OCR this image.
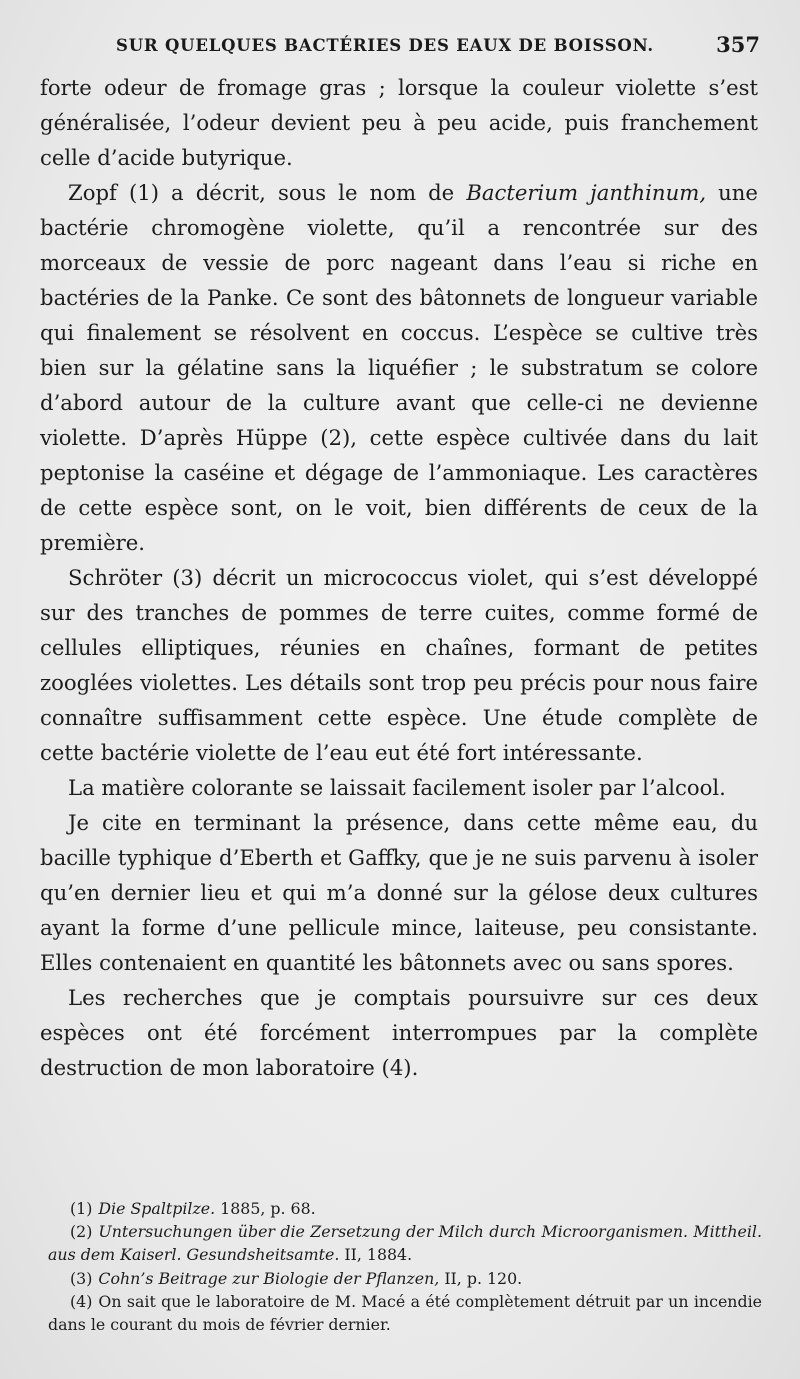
SUR QUELQUES BACTÉRIES DES EAUX DE BOISSON.	357

forte odeur de fromage gras ; lorsque la couleur violette s’est généralisée, l’odeur devient peu à peu acide, puis franchement celle d’acide butyrique.

Zopf (1) a décrit, sous le nom de Bacterium janthinum, une bactérie chromogène violette, qu’il a rencontrée sur des morceaux de vessie de porc nageant dans l’eau si riche en bactéries de la Panke. Ce sont des bâtonnets de longueur variable qui finalement se résolvent en coccus. L’espèce se cultive très bien sur la gélatine sans la liquéfier ; le substratum se colore d’abord autour de la culture avant que celle-ci ne devienne violette. D’après Hüppe (2), cette espèce cultivée dans du lait peptonise la caséine et dégage de l’ammoniaque. Les caractères de cette espèce sont, on le voit, bien différents de ceux de la première.

Schröter (3) décrit un micrococcus violet, qui s’est développé sur des tranches de pommes de terre cuites, comme formé de cellules elliptiques, réunies en chaînes, formant de petites zooglées violettes. Les détails sont trop peu précis pour nous faire connaître suffisamment cette espèce. Une étude complète de cette bactérie violette de l’eau eut été fort intéressante.

La matière colorante se laissait facilement isoler par l’alcool.

Je cite en terminant la présence, dans cette même eau, du bacille typhique d’Eberth et Gaffky, que je ne suis parvenu à isoler qu’en dernier lieu et qui m’a donné sur la gélose deux cultures ayant la forme d’une pellicule mince, laiteuse, peu consistante. Elles contenaient en quantité les bâtonnets avec ou sans spores.

Les recherches que je comptais poursuivre sur ces deux espèces ont été forcément interrompues par la complète destruction de mon laboratoire (4).

(1) Die Spaltpilze. 1885, p. 68.

(2) Untersuchungen über die Zersetzung der Milch durch Microorganismen. Mittheil. aus dem Kaiserl. Gesundsheitsamte. II, 1884.

(3) Cohn’s Beitrage zur Biologie der Pflanzen, II, p. 120.

(4) On sait que le laboratoire de M. Macé a été complètement détruit par un incendie dans le courant du mois de février dernier.
